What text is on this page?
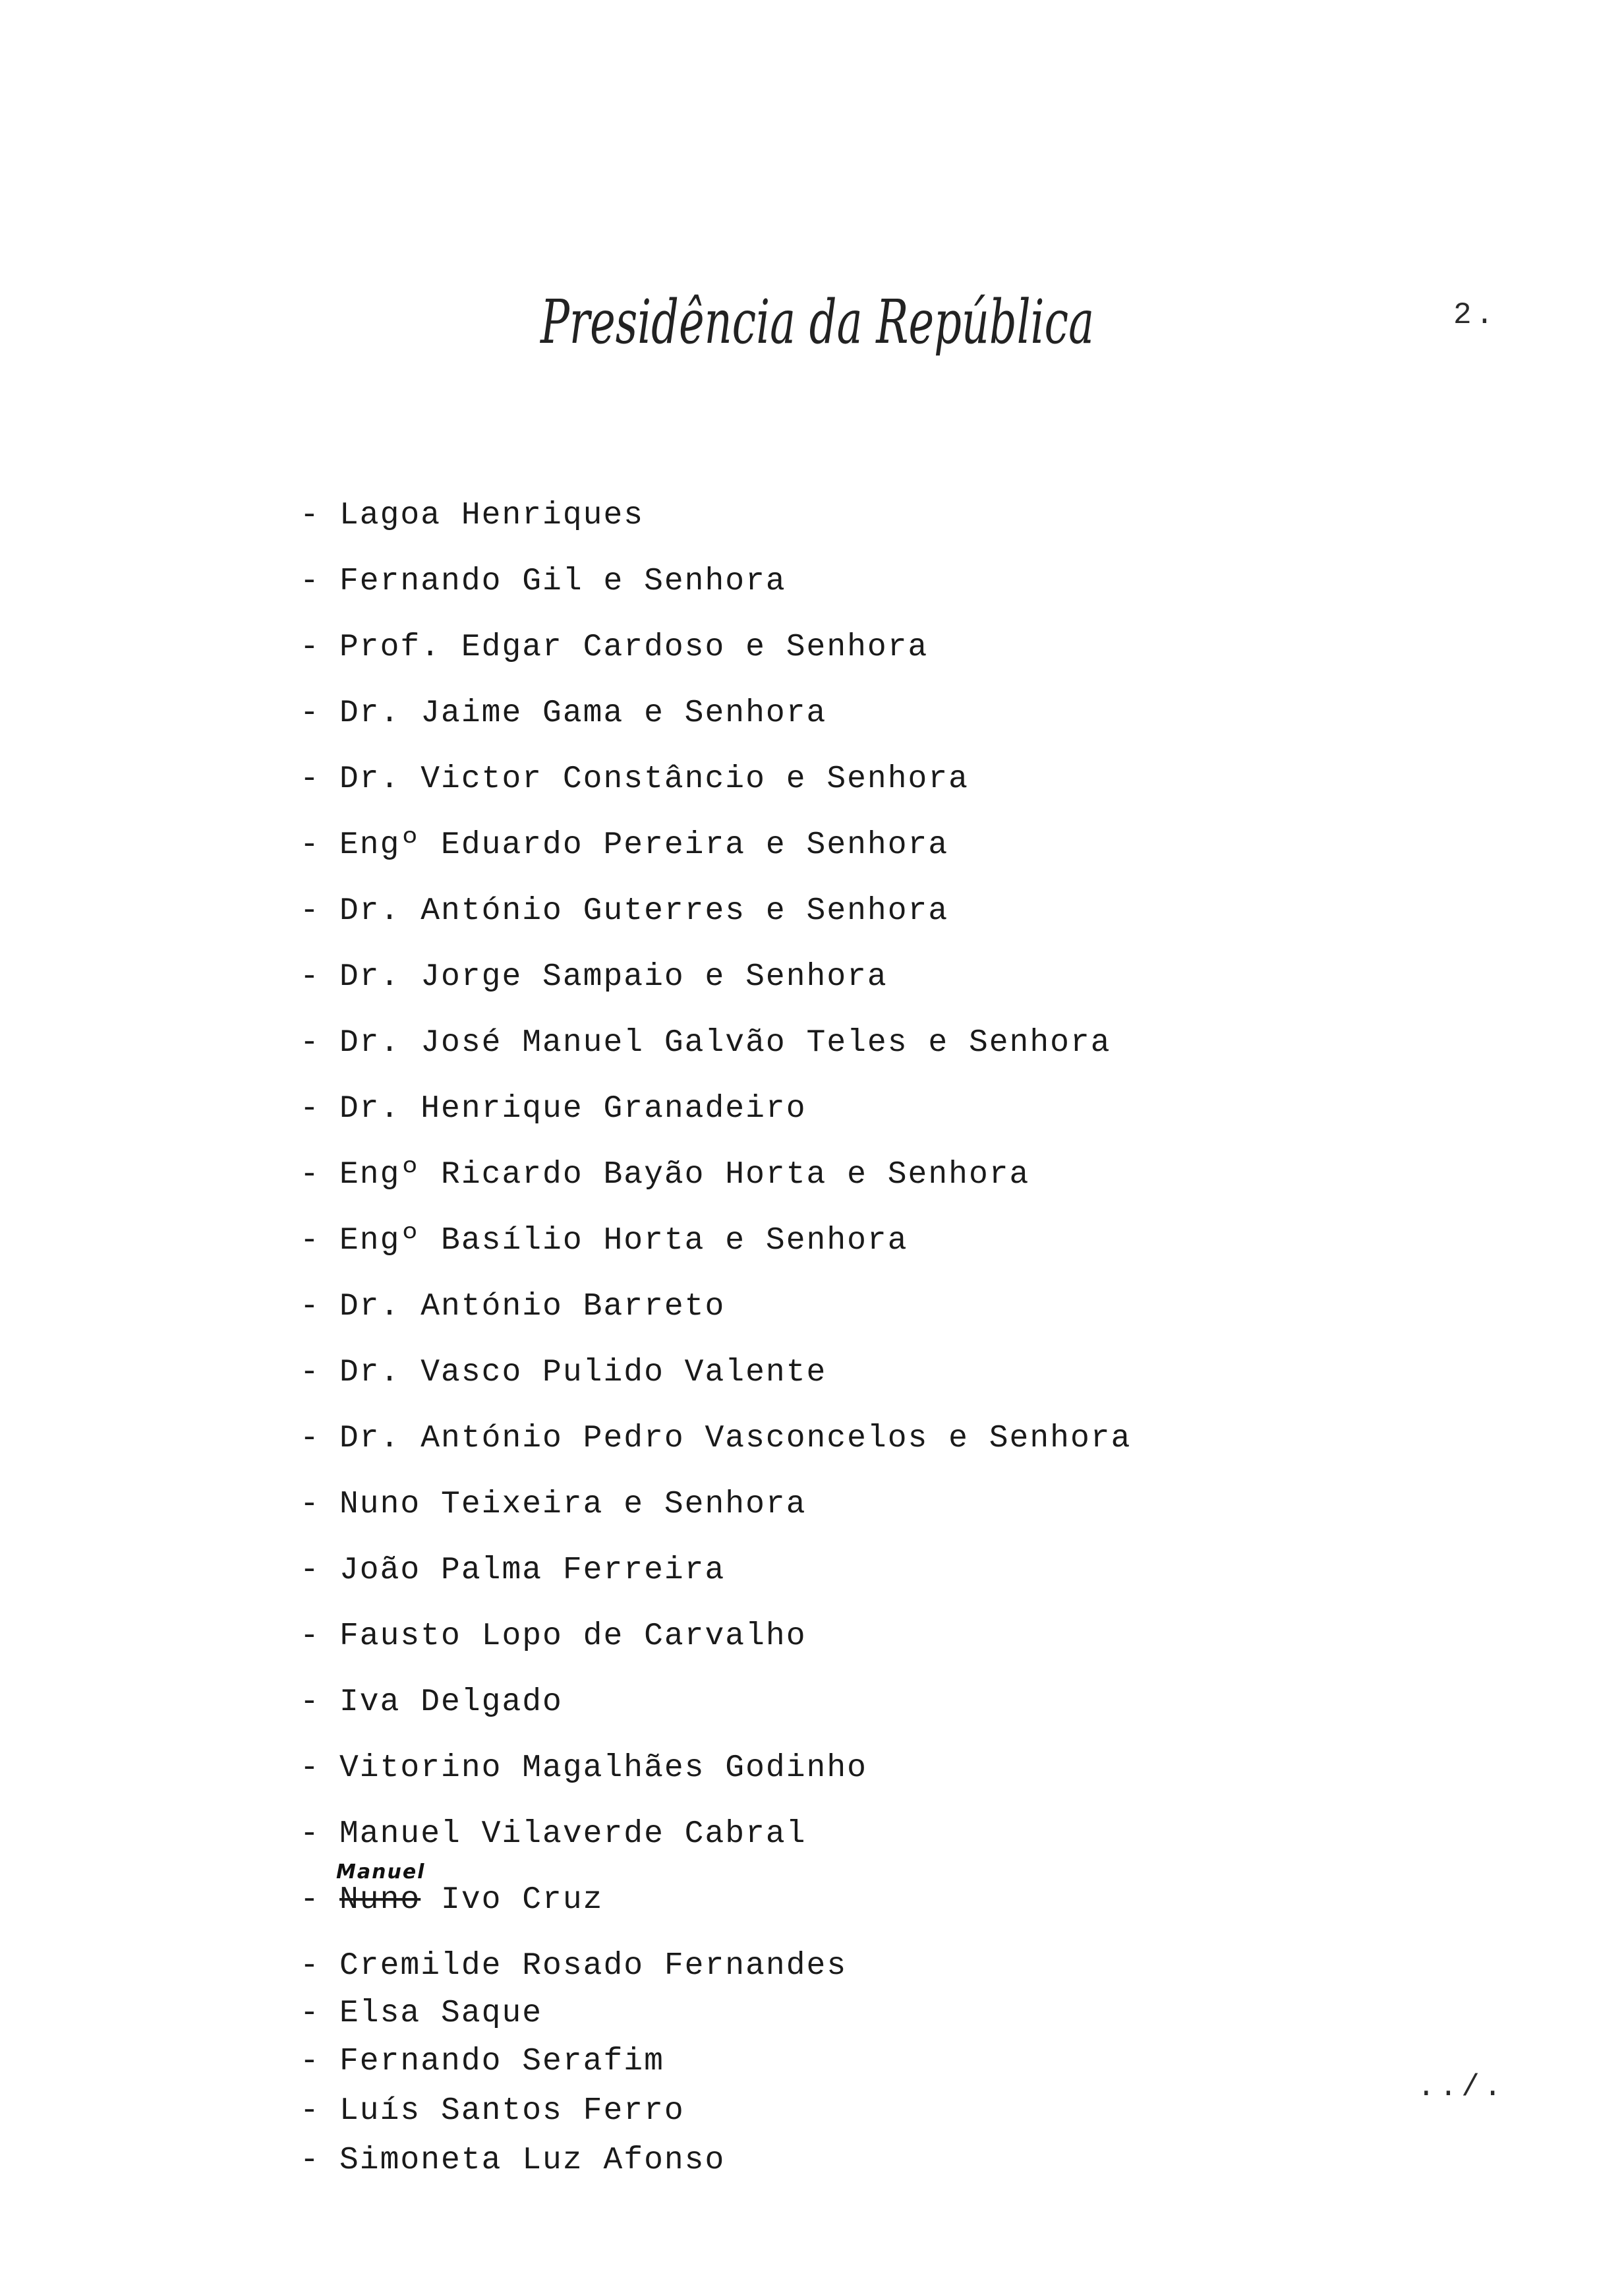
Presidência da República	2.
- Lagoa Henriques
- Fernando Gil e Senhora
- Prof. Edgar Cardoso e Senhora
- Dr. Jaime Gama e Senhora
- Dr. Victor Constâncio e Senhora
- Engº Eduardo Pereira e Senhora
- Dr. António Guterres e Senhora
- Dr. Jorge Sampaio e Senhora
- Dr. José Manuel Galvão Teles e Senhora
- Dr. Henrique Granadeiro
- Engº Ricardo Bayão Horta e Senhora
- Engº Basílio Horta e Senhora
- Dr. António Barreto
- Dr. Vasco Pulido Valente
- Dr. António Pedro Vasconcelos e Senhora
- Nuno Teixeira e Senhora
- João Palma Ferreira
- Fausto Lopo de Carvalho
- Iva Delgado
- Vitorino Magalhães Godinho
- Manuel Vilaverde Cabral
- Nuno
Manuel
Ivo Cruz
- Cremilde Rosado Fernandes
- Elsa Saque
- Fernando Serafim
- Luís Santos Ferro
- Simoneta Luz Afonso
../.
